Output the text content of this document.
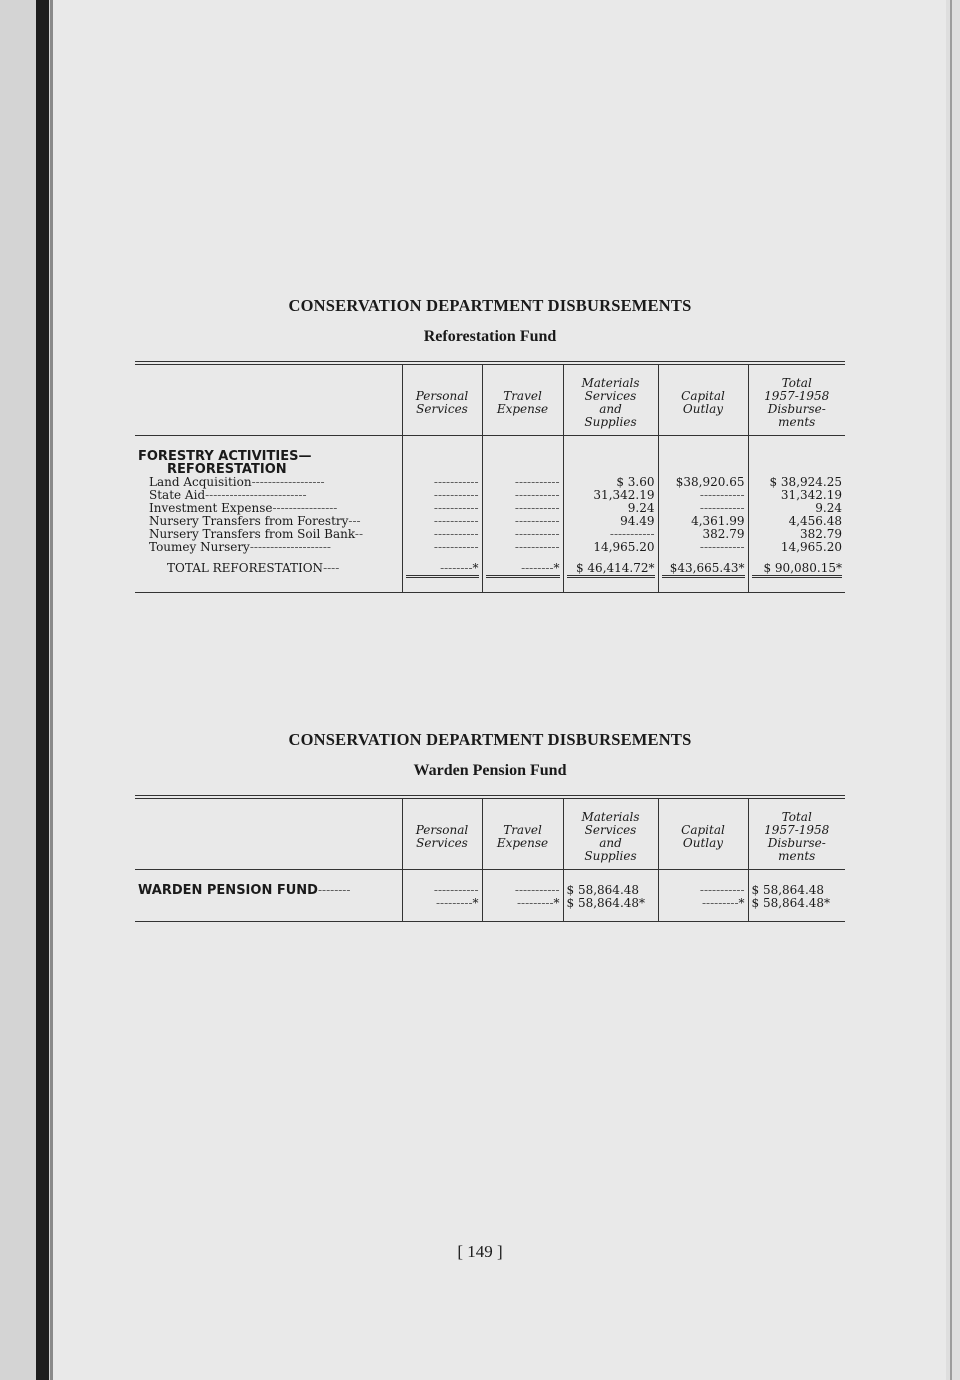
CONSERVATION DEPARTMENT DISBURSEMENTS

Reforestation Fund

	Personal
Services	Travel
Expense	Materials
Services
and
Supplies	Capital
Outlay	Total
1957-1958
Disburse-
ments

FORESTRY ACTIVITIES—					
REFORESTATION					
Land Acquisition------------------	-----------	-----------	$ 3.60	$38,920.65	$ 38,924.25
State Aid-------------------------	-----------	-----------	31,342.19	-----------	31,342.19
Investment Expense----------------	-----------	-----------	9.24	-----------	9.24
Nursery Transfers from Forestry---	-----------	-----------	94.49	4,361.99	4,456.48
Nursery Transfers from Soil Bank--	-----------	-----------	-----------	382.79	382.79
Toumey Nursery--------------------	-----------	-----------	14,965.20	-----------	14,965.20
TOTAL REFORESTATION----	--------*	--------*	$ 46,414.72*	$43,665.43*	$ 90,080.15*

CONSERVATION DEPARTMENT DISBURSEMENTS

Warden Pension Fund

	Personal
Services	Travel
Expense	Materials
Services
and
Supplies	Capital
Outlay	Total
1957-1958
Disburse-
ments

WARDEN PENSION FUND--------	-----------	-----------	$ 58,864.48	-----------	$ 58,864.48
	---------*	---------*	$ 58,864.48*	---------*	$ 58,864.48*
[ 149 ]
